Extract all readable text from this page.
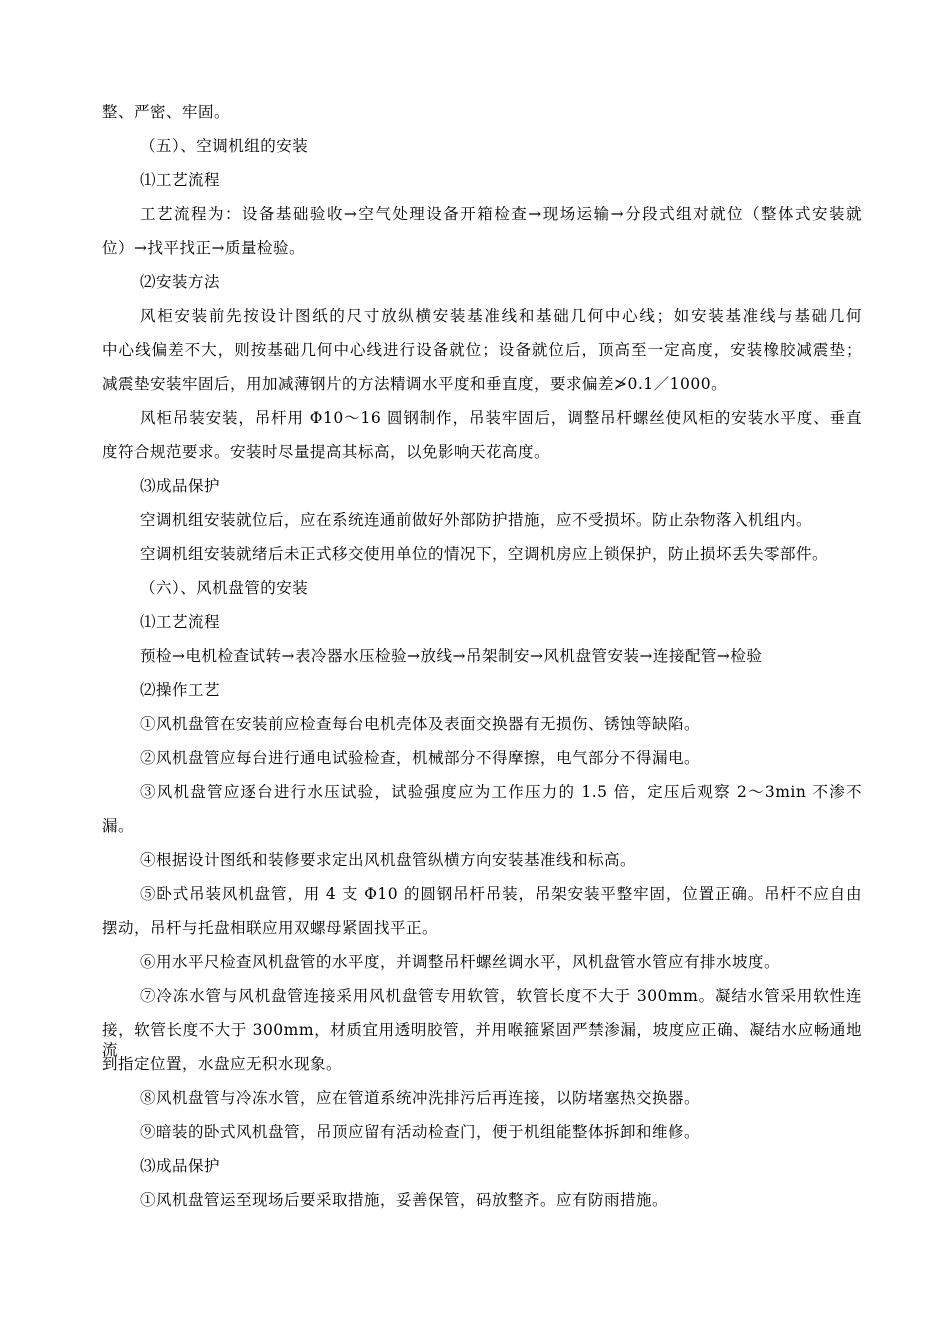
整、严密、牢固。
（五）、空调机组的安装
⑴工艺流程
工艺流程为：设备基础验收→空气处理设备开箱检查→现场运输→分段式组对就位（整体式安装就
位）→找平找正→质量检验。
⑵安装方法
风柜安装前先按设计图纸的尺寸放纵横安装基准线和基础几何中心线；如安装基准线与基础几何
中心线偏差不大，则按基础几何中心线进行设备就位；设备就位后，顶高至一定高度，安装橡胶减震垫；
减震垫安装牢固后，用加减薄钢片的方法精调水平度和垂直度，要求偏差≯0.1／1000。
风柜吊装安装，吊杆用 Φ10～16 圆钢制作，吊装牢固后，调整吊杆螺丝使风柜的安装水平度、垂直
度符合规范要求。安装时尽量提高其标高，以免影响天花高度。
⑶成品保护
空调机组安装就位后，应在系统连通前做好外部防护措施，应不受损坏。防止杂物落入机组内。
空调机组安装就绪后未正式移交使用单位的情况下，空调机房应上锁保护，防止损坏丢失零部件。
（六）、风机盘管的安装
⑴工艺流程
预检→电机检查试转→表冷器水压检验→放线→吊架制安→风机盘管安装→连接配管→检验
⑵操作工艺
①风机盘管在安装前应检查每台电机壳体及表面交换器有无损伤、锈蚀等缺陷。
②风机盘管应每台进行通电试验检查，机械部分不得摩擦，电气部分不得漏电。
③风机盘管应逐台进行水压试验，试验强度应为工作压力的 1.5 倍，定压后观察 2～3min 不渗不
漏。
④根据设计图纸和装修要求定出风机盘管纵横方向安装基准线和标高。
⑤卧式吊装风机盘管，用 4 支 Φ10 的圆钢吊杆吊装，吊架安装平整牢固，位置正确。吊杆不应自由
摆动，吊杆与托盘相联应用双螺母紧固找平正。
⑥用水平尺检查风机盘管的水平度，并调整吊杆螺丝调水平，风机盘管水管应有排水坡度。
⑦冷冻水管与风机盘管连接采用风机盘管专用软管，软管长度不大于 300mm。凝结水管采用软性连
接，软管长度不大于 300mm，材质宜用透明胶管，并用喉箍紧固严禁渗漏，坡度应正确、凝结水应畅通地流
到指定位置，水盘应无积水现象。
⑧风机盘管与冷冻水管，应在管道系统冲洗排污后再连接，以防堵塞热交换器。
⑨暗装的卧式风机盘管，吊顶应留有活动检查门，便于机组能整体拆卸和维修。
⑶成品保护
①风机盘管运至现场后要采取措施，妥善保管，码放整齐。应有防雨措施。
